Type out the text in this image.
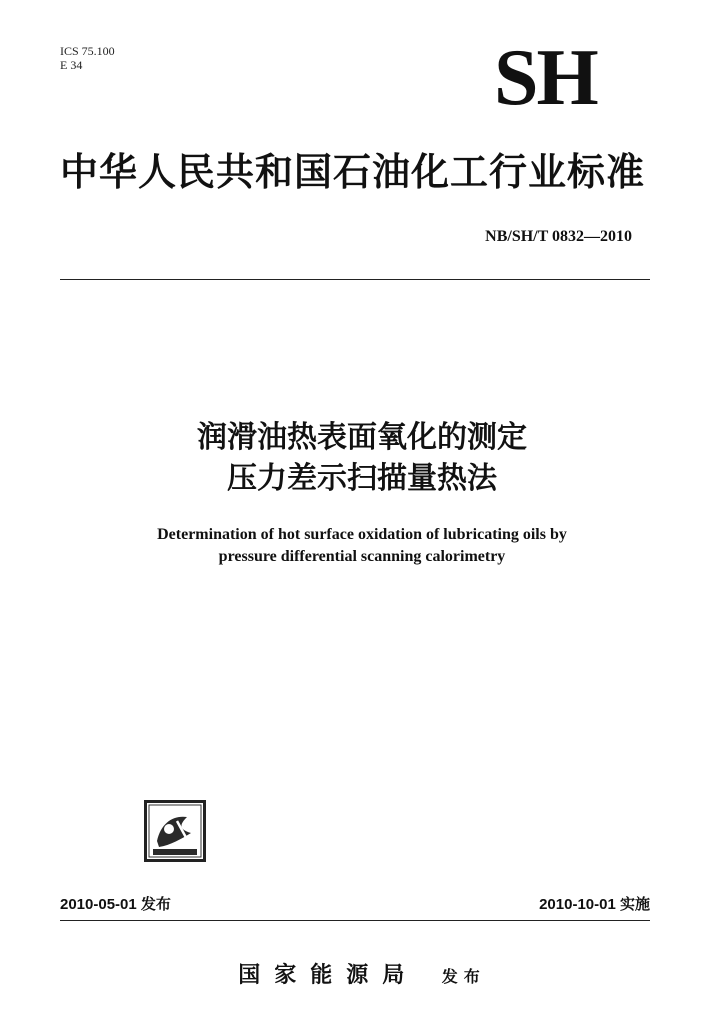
ICS 75.100
E 34	SH
中华人民共和国石油化工行业标准
NB/SH/T 0832—2010
润滑油热表面氧化的测定
压力差示扫描量热法
Determination of hot surface oxidation of lubricating oils by
pressure differential scanning calorimetry
2010-05-01 发布	2010-10-01 实施
国家能源局 发布
